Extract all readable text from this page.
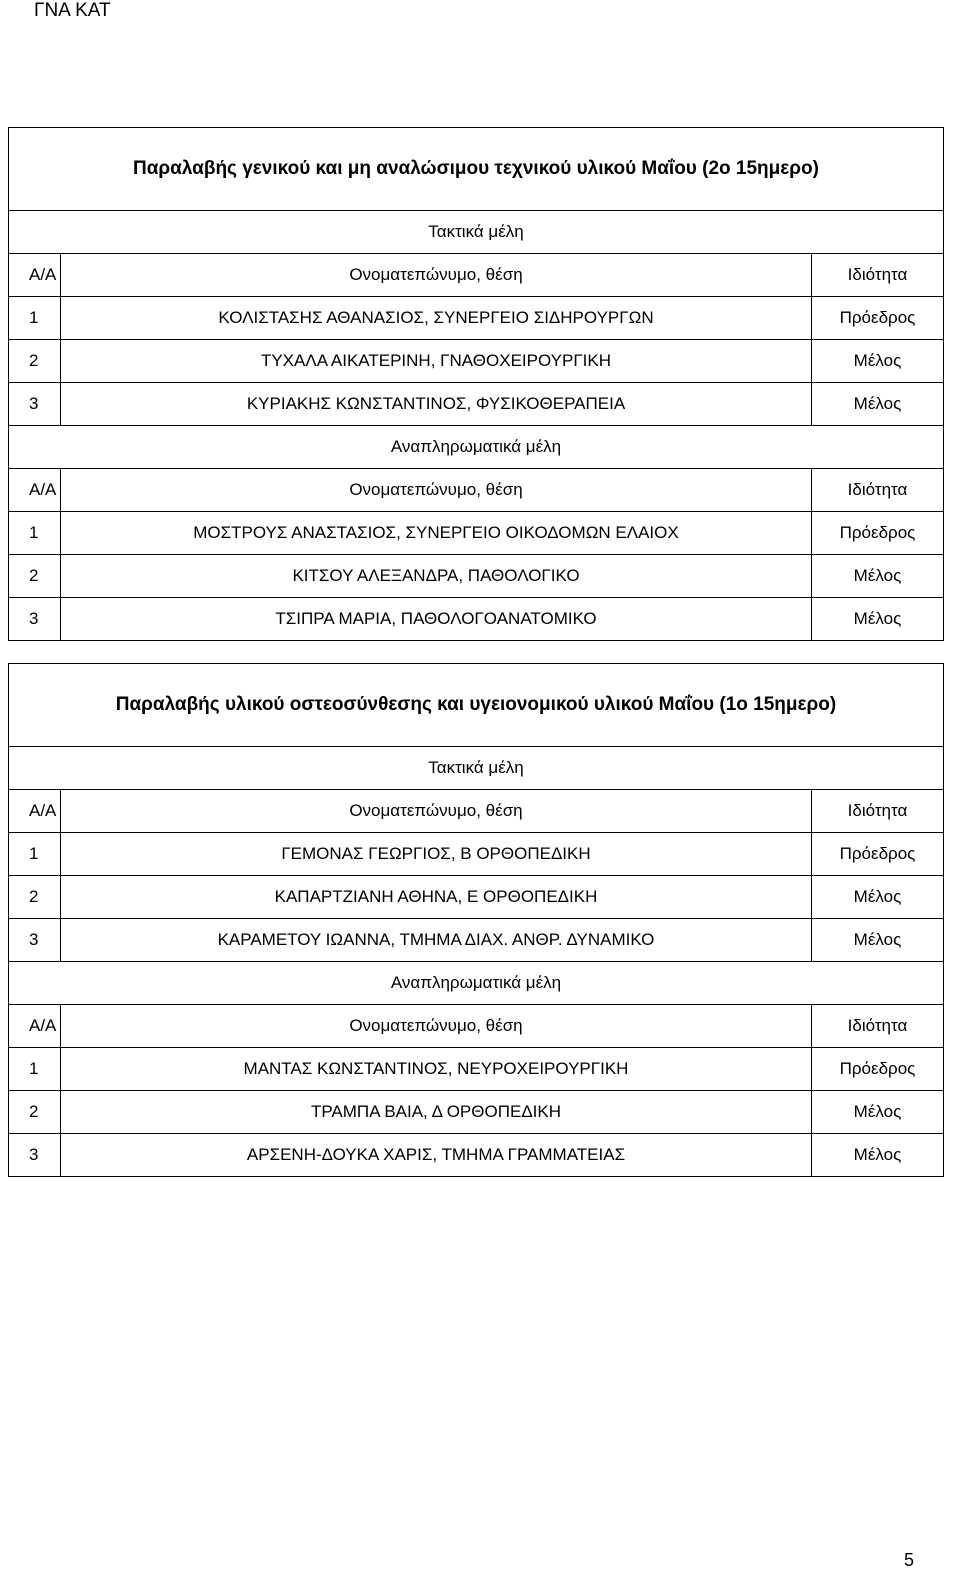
ΓΝΑ ΚΑΤ
Παραλαβής γενικού και μη αναλώσιμου τεχνικού υλικού Μαΐου (2ο 15ημερο)		
Τακτικά μέλη		
Α/Α	Ονοματεπώνυμο, θέση	Ιδιότητα
1	ΚΟΛΙΣΤΑΣΗΣ ΑΘΑΝΑΣΙΟΣ, ΣΥΝΕΡΓΕΙΟ ΣΙΔΗΡΟΥΡΓΩΝ	Πρόεδρος
2	ΤΥΧΑΛΑ ΑΙΚΑΤΕΡΙΝΗ, ΓΝΑΘΟΧΕΙΡΟΥΡΓΙΚΗ	Μέλος
3	ΚΥΡΙΑΚΗΣ ΚΩΝΣΤΑΝΤΙΝΟΣ, ΦΥΣΙΚΟΘΕΡΑΠΕΙΑ	Μέλος
Αναπληρωματικά μέλη		
Α/Α	Ονοματεπώνυμο, θέση	Ιδιότητα
1	ΜΟΣΤΡΟΥΣ ΑΝΑΣΤΑΣΙΟΣ, ΣΥΝΕΡΓΕΙΟ ΟΙΚΟΔΟΜΩΝ ΕΛΑΙΟΧ	Πρόεδρος
2	ΚΙΤΣΟΥ ΑΛΕΞΑΝΔΡΑ, ΠΑΘΟΛΟΓΙΚΟ	Μέλος
3	ΤΣΙΠΡΑ ΜΑΡΙΑ, ΠΑΘΟΛΟΓΟΑΝΑΤΟΜΙΚΟ	Μέλος
Παραλαβής υλικού οστεοσύνθεσης και υγειονομικού υλικού Μαΐου (1ο 15ημερο)		
Τακτικά μέλη		
Α/Α	Ονοματεπώνυμο, θέση	Ιδιότητα
1	ΓΕΜΟΝΑΣ ΓΕΩΡΓΙΟΣ, Β ΟΡΘΟΠΕΔΙΚΗ	Πρόεδρος
2	ΚΑΠΑΡΤΖΙΑΝΗ ΑΘΗΝΑ, Ε ΟΡΘΟΠΕΔΙΚΗ	Μέλος
3	ΚΑΡΑΜΕΤΟΥ ΙΩΑΝΝΑ, ΤΜΗΜΑ ΔΙΑΧ. ΑΝΘΡ. ΔΥΝΑΜΙΚΟ	Μέλος
Αναπληρωματικά μέλη		
Α/Α	Ονοματεπώνυμο, θέση	Ιδιότητα
1	ΜΑΝΤΑΣ ΚΩΝΣΤΑΝΤΙΝΟΣ, ΝΕΥΡΟΧΕΙΡΟΥΡΓΙΚΗ	Πρόεδρος
2	ΤΡΑΜΠΑ ΒΑΙΑ, Δ ΟΡΘΟΠΕΔΙΚΗ	Μέλος
3	ΑΡΣΕΝΗ-ΔΟΥΚΑ ΧΑΡΙΣ, ΤΜΗΜΑ ΓΡΑΜΜΑΤΕΙΑΣ	Μέλος
5
